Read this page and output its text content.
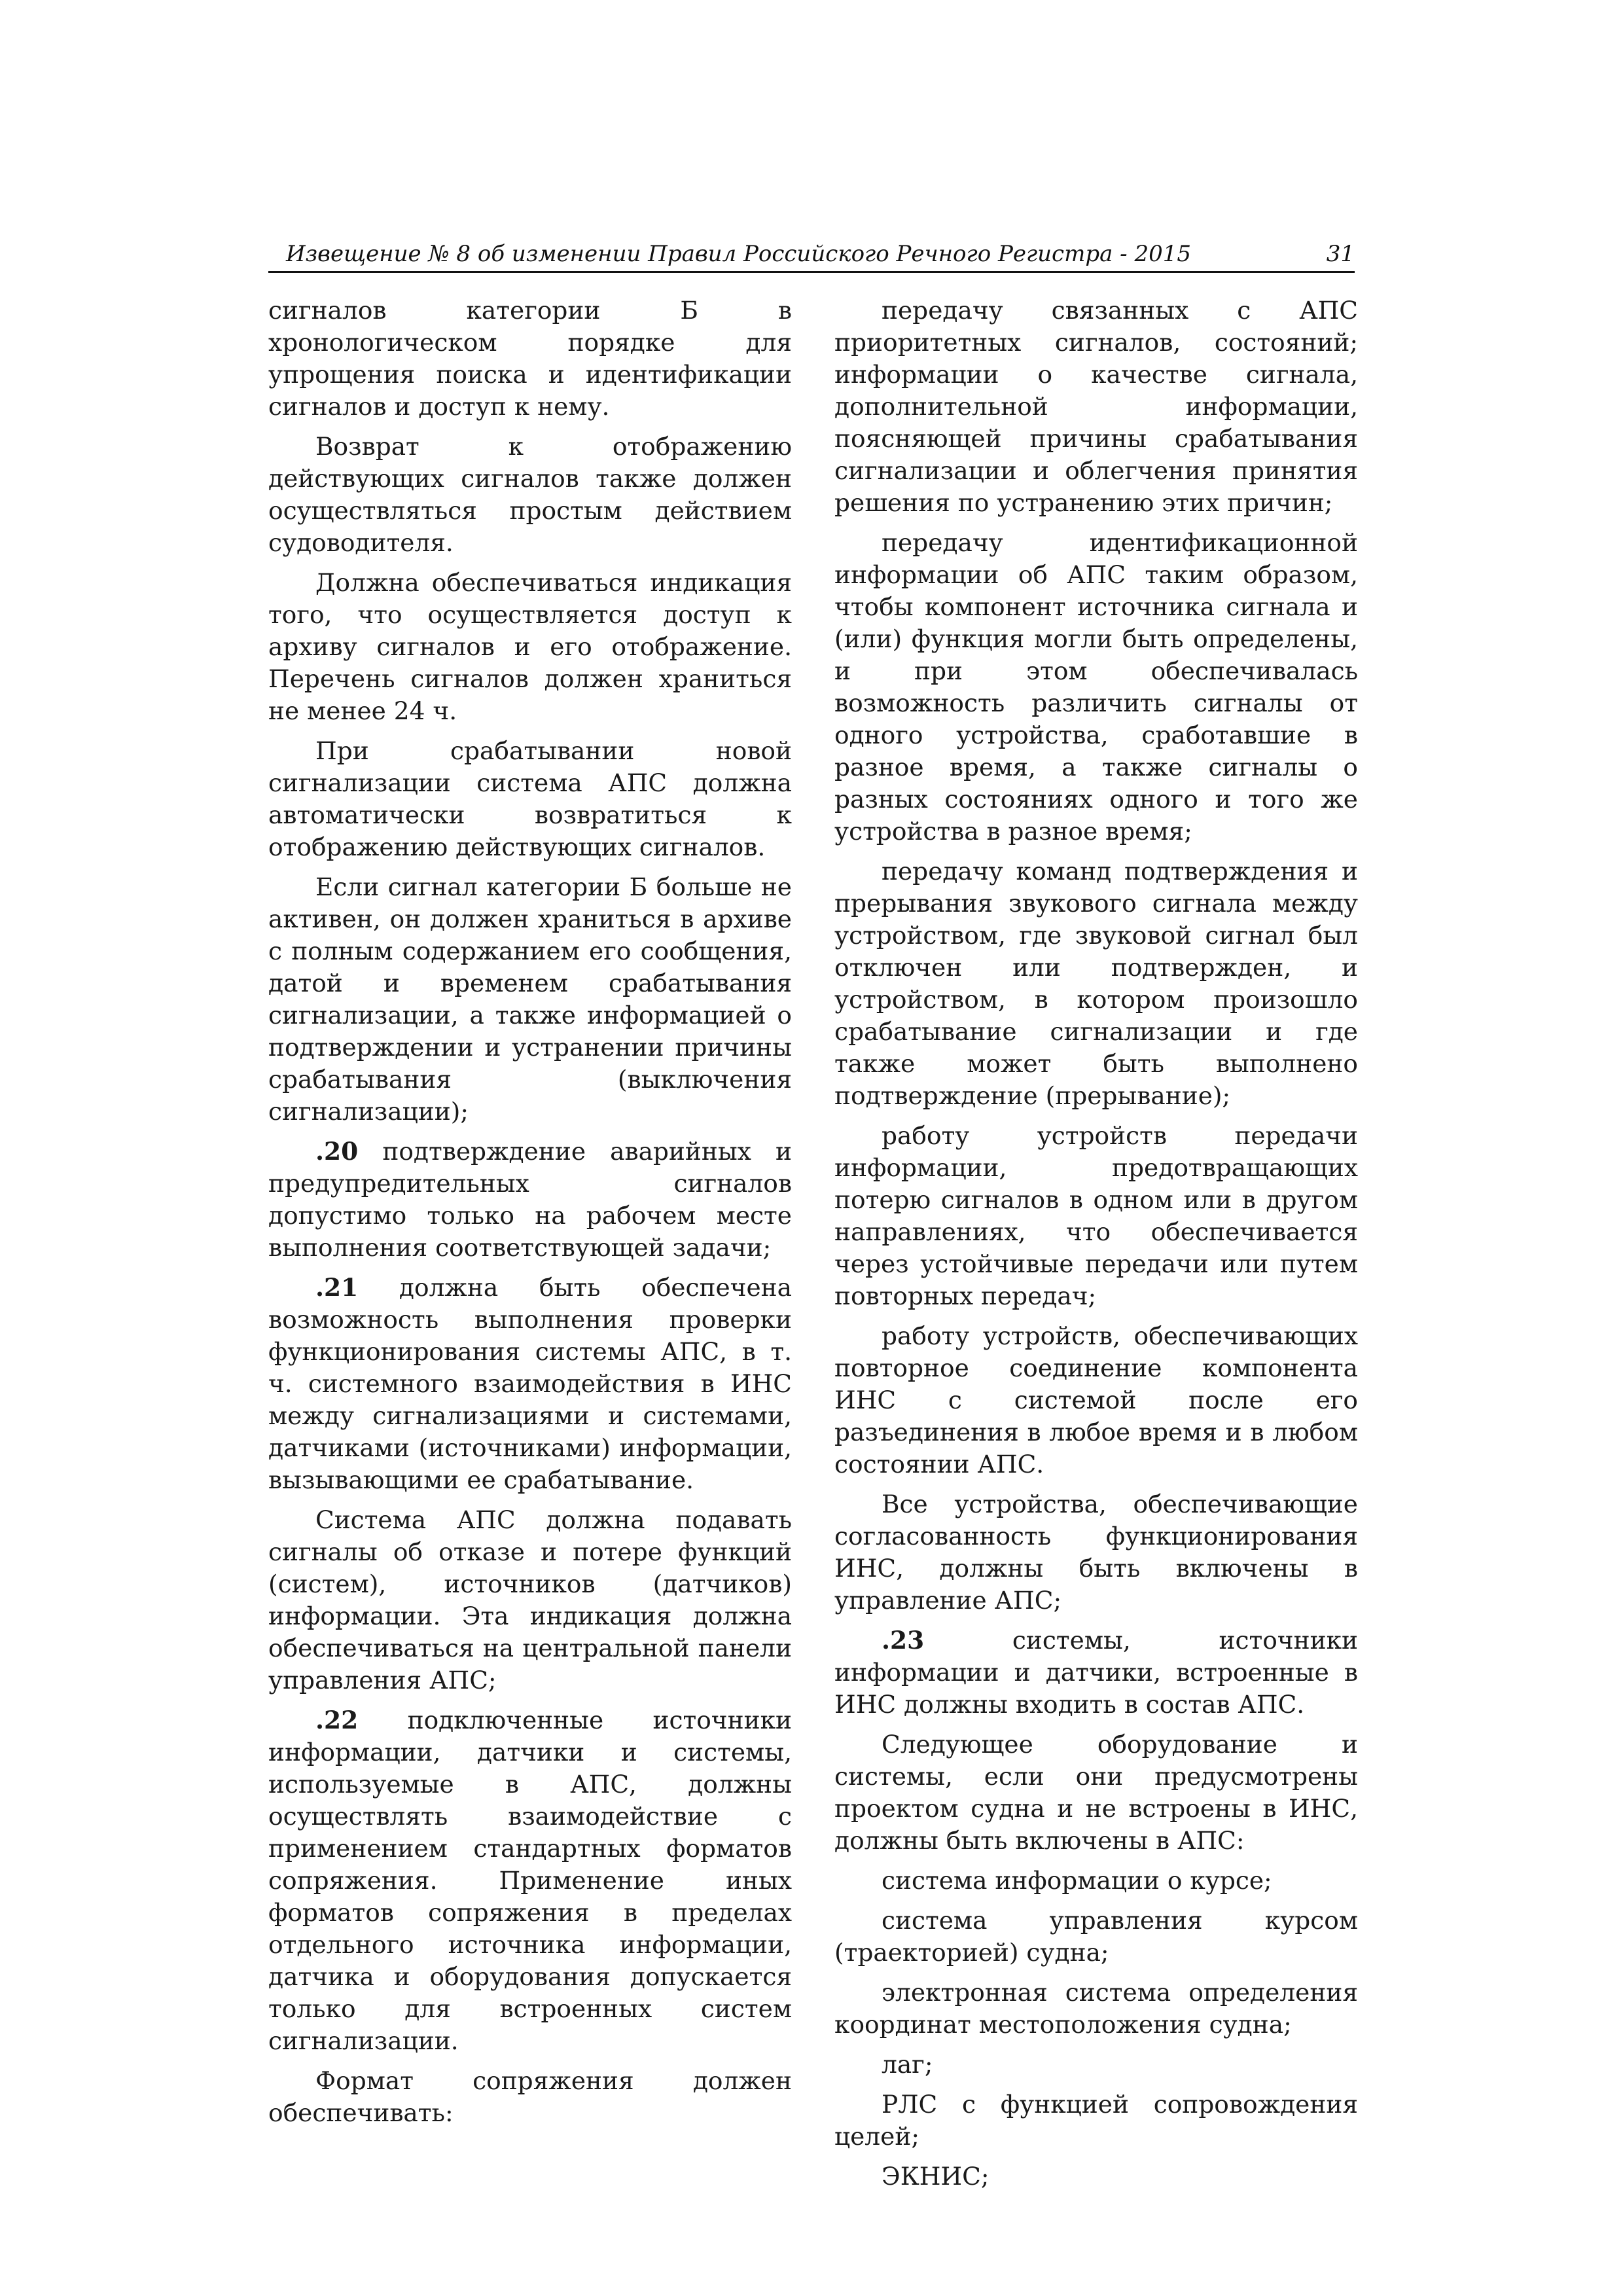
Извещение № 8 об изменении Правил Российского Речного Регистра - 2015	31

сигналов категории Б в хронологическом порядке для упрощения поиска и идентификации сигналов и доступ к нему.

Возврат к отображению действующих сигналов также должен осуществляться простым действием судоводителя.

Должна обеспечиваться индикация того, что осуществляется доступ к архиву сигналов и его отображение. Перечень сигналов должен храниться не менее 24 ч.

При срабатывании новой сигнализации система АПС должна автоматически возвратиться к отображению действующих сигналов.

Если сигнал категории Б больше не активен, он должен храниться в архиве с полным содержанием его сообщения, датой и временем срабатывания сигнализации, а также информацией о подтверждении и устранении причины срабатывания (выключения сигнализации);

.20 подтверждение аварийных и предупредительных сигналов допустимо только на рабочем месте выполнения соответствующей задачи;

.21 должна быть обеспечена возможность выполнения проверки функционирования системы АПС, в т. ч. системного взаимодействия в ИНС между сигнализациями и системами, датчиками (источниками) информации, вызывающими ее срабатывание.

Система АПС должна подавать сигналы об отказе и потере функций (систем), источников (датчиков) информации. Эта индикация должна обеспечиваться на центральной панели управления АПС;

.22 подключенные источники информации, датчики и системы, используемые в АПС, должны осуществлять взаимодействие с применением стандартных форматов сопряжения. Применение иных форматов сопряжения в пределах отдельного источника информации, датчика и оборудования допускается только для встроенных систем сигнализации.

Формат сопряжения должен обеспечивать:

передачу связанных с АПС приоритетных сигналов, состояний; информации о качестве сигнала, дополнительной информации, поясняющей причины срабатывания сигнализации и облегчения принятия решения по устранению этих причин;

передачу идентификационной информации об АПС таким образом, чтобы компонент источника сигнала и (или) функция могли быть определены, и при этом обеспечивалась возможность различить сигналы от одного устройства, сработавшие в разное время, а также сигналы о разных состояниях одного и того же устройства в разное время;

передачу команд подтверждения и прерывания звукового сигнала между устройством, где звуковой сигнал был отключен или подтвержден, и устройством, в котором произошло срабатывание сигнализации и где также может быть выполнено подтверждение (прерывание);

работу устройств передачи информации, предотвращающих потерю сигналов в одном или в другом направлениях, что обеспечивается через устойчивые передачи или путем повторных передач;

работу устройств, обеспечивающих повторное соединение компонента ИНС с системой после его разъединения в любое время и в любом состоянии АПС.

Все устройства, обеспечивающие согласованность функционирования ИНС, должны быть включены в управление АПС;

.23	системы, источники информации и датчики, встроенные в ИНС должны входить в состав АПС.

Следующее оборудование и системы, если они предусмотрены проектом судна и не встроены в ИНС, должны быть включены в АПС:

система информации о курсе;

система управления курсом (траекторией) судна;

электронная система определения координат местоположения судна;

лаг;

РЛС с функцией сопровождения целей;

ЭКНИС;
